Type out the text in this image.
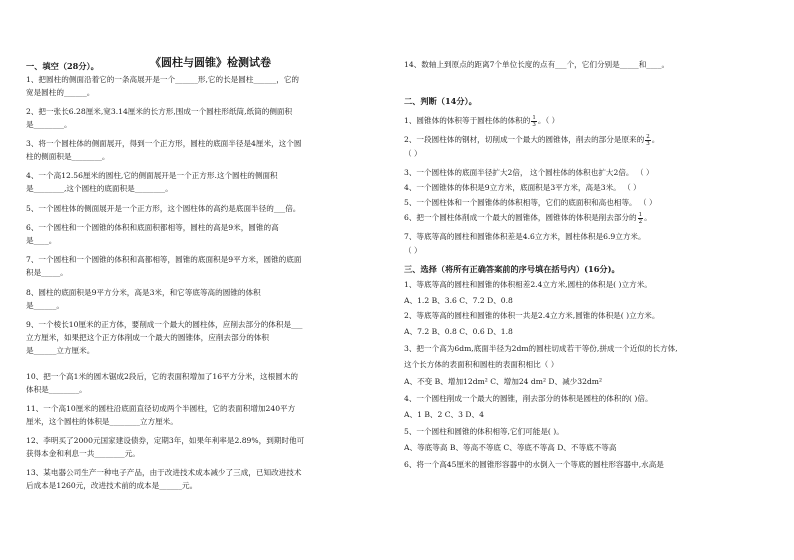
《圆柱与圆锥》检测试卷
一、填空（28分）。
1、把圆柱的侧面沿着它的一条高展开是一个______形,它的长是圆柱______，它的
宽是圆柱的______。
2、把一张长6.28厘米,宽3.14厘米的长方形,围成一个圆柱形纸筒,纸筒的侧面积
是________。
3、将一个圆柱体的侧面展开，得到一个正方形，圆柱的底面半径是4厘米，这个圆
柱的侧面积是________。
4、一个高12.56厘米的圆柱,它的侧面展开是一个正方形.这个圆柱的侧面积
是________,这个圆柱的底面积是________。
5、一个圆柱体的侧面展开是一个正方形，这个圆柱体的高约是底面半径的___倍。
6、一个圆柱和一个圆锥的体积和底面积都相等，圆柱的高是9米，圆锥的高
是____。
7、一个圆柱和一个圆锥的体积和高都相等，圆锥的底面积是9平方米，圆锥的底面
积是_____。
8、圆柱的底面积是9平方分米，高是3米，和它等底等高的圆锥的体积
是______。
9、一个棱长10厘米的正方体，要削成一个最大的圆柱体，应削去部分的体积是___
立方厘米，如果把这个正方体削成一个最大的圆锥体，应削去部分的体积
是______立方厘米。
10、把一个高1米的圆木锯成2段后，它的表面积增加了16平方分米，这根圆木的
体积是________。
11、一个高10厘米的圆柱沿底面直径切成两个半圆柱，它的表面积增加240平方
厘米，这个圆柱的体积是________立方厘米。
12、李明买了2000元国家建设债券，定期3年，如果年利率是2.89%，到期时他可
获得本金和利息一共________元。
13、某电器公司生产一种电子产品，由于改进技术成本减少了三成，已知改进技术
后成本是1260元，改进技术前的成本是______元。
14、数轴上到原点的距离7个单位长度的点有___个，它们分别是_____和____。
二、判断（14分）。
1、圆锥体的体积等于圆柱体的体积的 $\frac{1}{3}$ 。（ ）
2、一段圆柱体的钢材，切削成一个最大的圆锥体，削去的部分是原来的 $\frac{2}{3}$ 。
（ ）
3、一个圆柱体的底面半径扩大2倍， 这个圆柱体的体积也扩大2倍。 （ ）
4、一个圆锥体的体积是9立方米，底面积是3平方米，高是3米。 （ ）
5、一个圆柱体和一个圆锥体的体积相等，它们的底面积和高也相等。 （ ）
6、把一个圆柱体削成一个最大的圆锥体，圆锥体的体积是削去部分的 $\frac{1}{2}$ 。
7、等底等高的圆柱和圆锥体积差是4.6立方米，圆柱体积是6.9立方米。
（ ）
三、选择（将所有正确答案前的序号填在括号内）(16分)。
1、等底等高的圆柱和圆锥的体积相差2.4立方米,圆柱的体积是( )立方米。
A、1.2 B、3.6 C、7.2 D、0.8
2、等底等高的圆柱和圆锥的体积一共是2.4立方米,圆锥的体积是( )立方米。
A、7.2 B、0.8 C、0.6 D、1.8
3、把一个高为6dm,底面半径为2dm的圆柱切成若干等份,拼成一个近似的长方体,
这个长方体的表面积和圆柱的表面积相比（ ）
A、不变 B、增加12dm² C、增加24 dm² D、减少32dm²
4、一个圆柱削成一个最大的圆锥，削去部分的体积是圆柱的体积的( )倍。
A、1 B、2 C、3 D、4
5、一个圆柱和圆锥的体积相等,它们可能是( )。
A、等底等高 B、等高不等底 C、等底不等高 D、不等底不等高
6、将一个高45厘米的圆锥形容器中的水倒入一个等底的圆柱形容器中,水高是
